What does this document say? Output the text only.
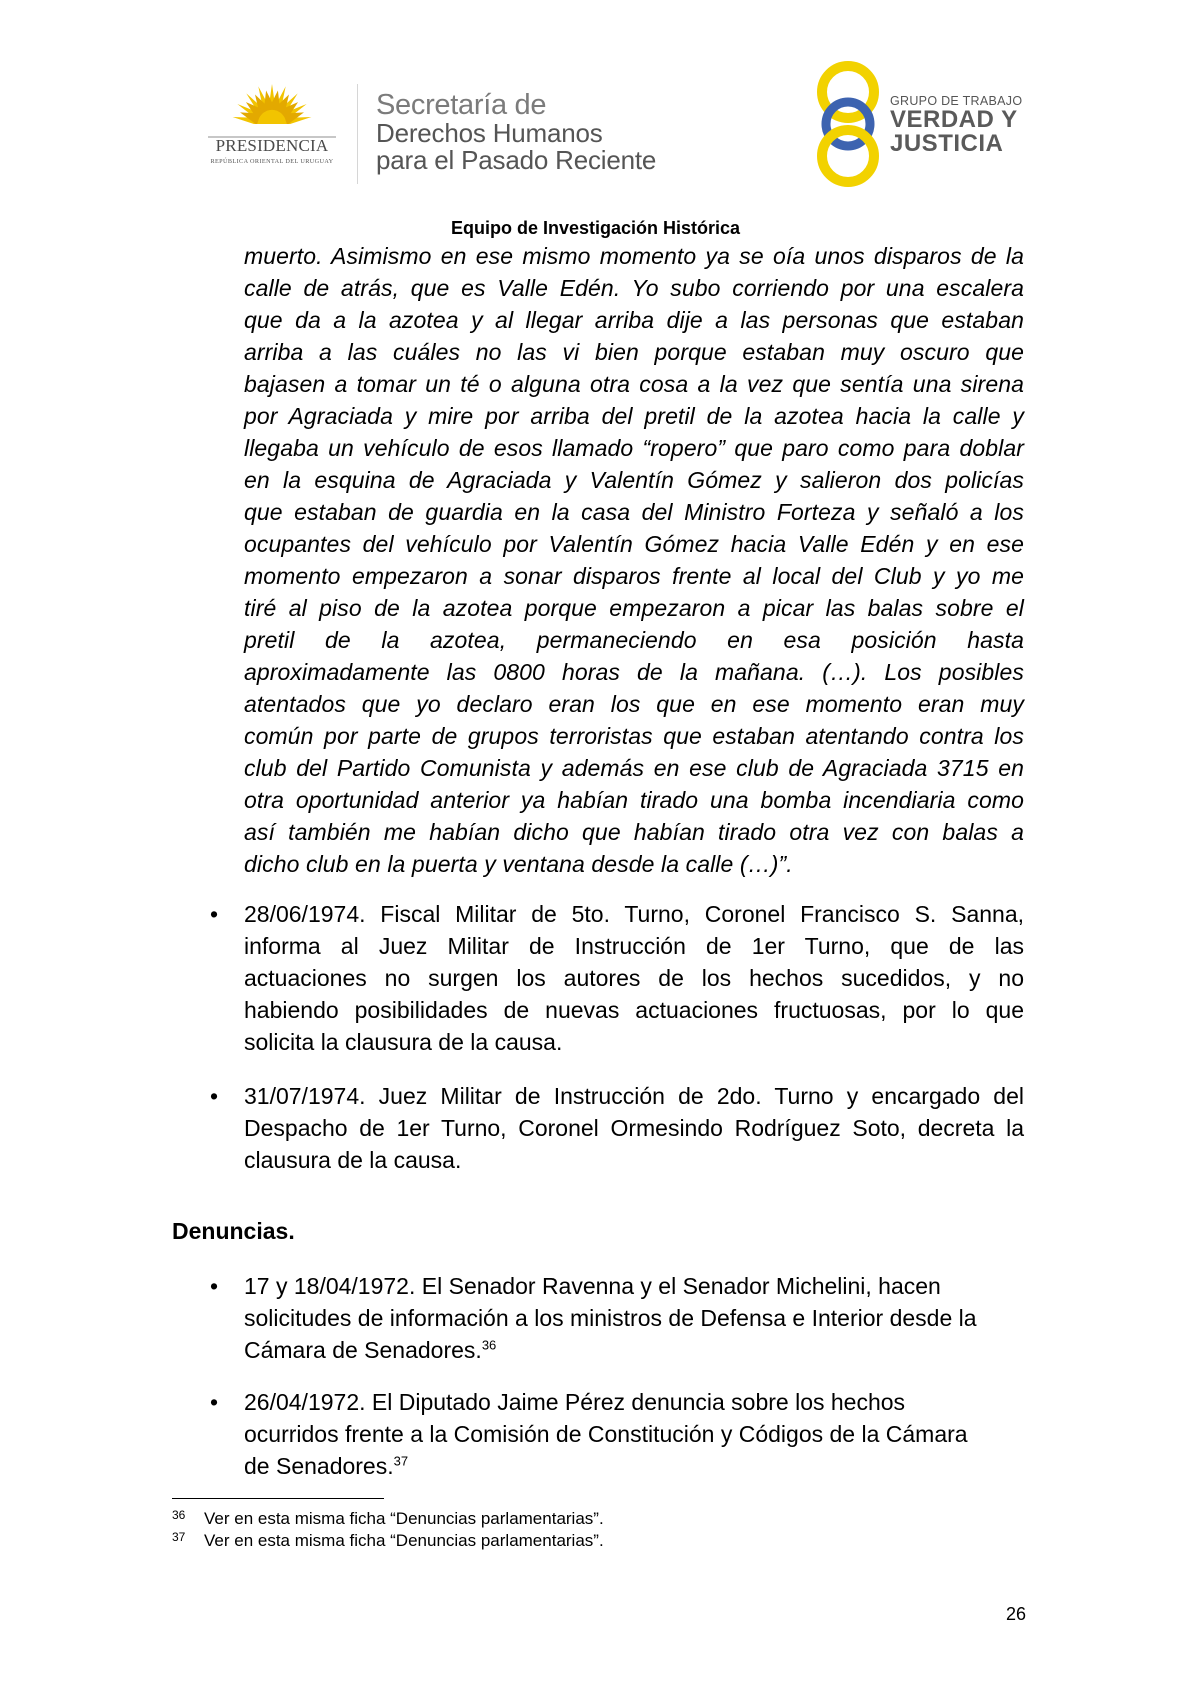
PRESIDENCIA
REPÚBLICA ORIENTAL DEL URUGUAY
Secretaría de
Derechos Humanos
para el Pasado Reciente
GRUPO DE TRABAJO
VERDAD Y
JUSTICIA
Equipo de Investigación Histórica
muerto. Asimismo en ese mismo momento ya se oía unos disparos de la
calle de atrás, que es Valle Edén. Yo subo corriendo por una escalera
que da a la azotea y al llegar arriba dije a las personas que estaban
arriba a las cuáles no las vi bien porque estaban muy oscuro que
bajasen a tomar un té o alguna otra cosa a la vez que sentía una sirena
por Agraciada y mire por arriba del pretil de la azotea hacia la calle y
llegaba un vehículo de esos llamado “ropero” que paro como para doblar
en la esquina de Agraciada y Valentín Gómez y salieron dos policías
que estaban de guardia en la casa del Ministro Forteza y señaló a los
ocupantes del vehículo por Valentín Gómez hacia Valle Edén y en ese
momento empezaron a sonar disparos frente al local del Club y yo me
tiré al piso de la azotea porque empezaron a picar las balas sobre el
pretil de la azotea, permaneciendo en esa posición hasta
aproximadamente las 0800 horas de la mañana. (…). Los posibles
atentados que yo declaro eran los que en ese momento eran muy
común por parte de grupos terroristas que estaban atentando contra los
club del Partido Comunista y además en ese club de Agraciada 3715 en
otra oportunidad anterior ya habían tirado una bomba incendiaria como
así también me habían dicho que habían tirado otra vez con balas a
dicho club en la puerta y ventana desde la calle (…)”.
• 28/06/1974. Fiscal Militar de 5to. Turno, Coronel Francisco S. Sanna,
informa al Juez Militar de Instrucción de 1er Turno, que de las
actuaciones no surgen los autores de los hechos sucedidos, y no
habiendo posibilidades de nuevas actuaciones fructuosas, por lo que
solicita la clausura de la causa.
• 31/07/1974. Juez Militar de Instrucción de 2do. Turno y encargado del
Despacho de 1er Turno, Coronel Ormesindo Rodríguez Soto, decreta la
clausura de la causa.
Denuncias.
• 17 y 18/04/1972. El Senador Ravenna y el Senador Michelini, hacen
solicitudes de información a los ministros de Defensa e Interior desde la
Cámara de Senadores.$^{36}$
• 26/04/1972. El Diputado Jaime Pérez denuncia sobre los hechos
ocurridos frente a la Comisión de Constitución y Códigos de la Cámara
de Senadores.$^{37}$
36 Ver en esta misma ficha “Denuncias parlamentarias”.
37 Ver en esta misma ficha “Denuncias parlamentarias”.
26
